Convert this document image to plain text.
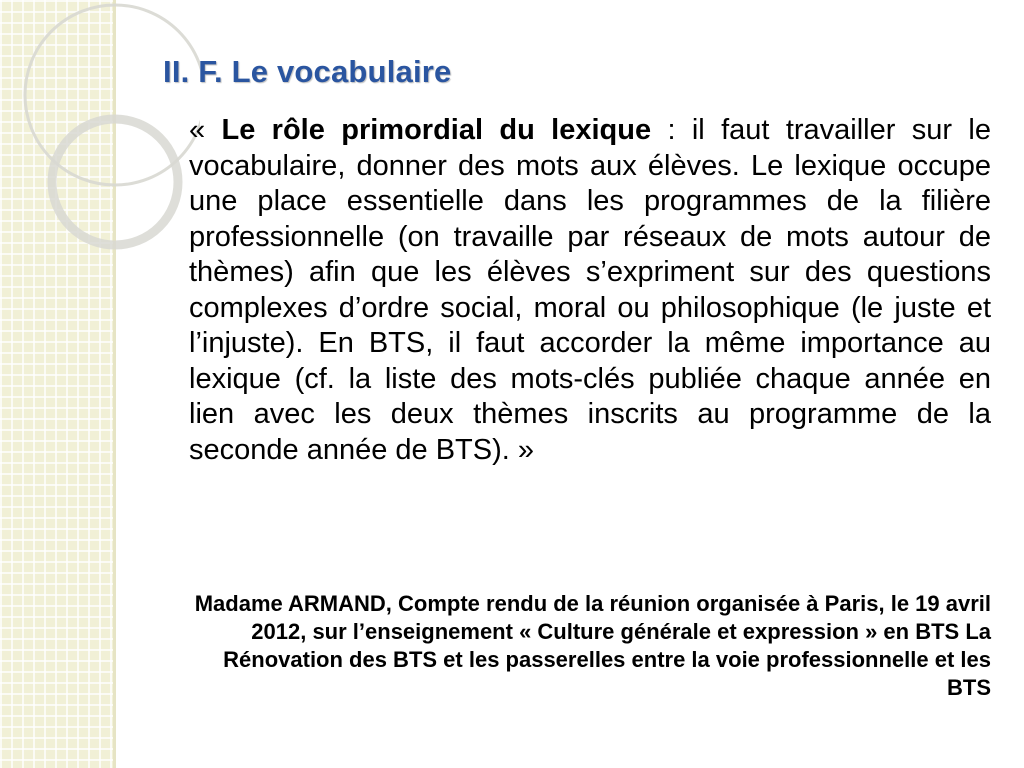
II. F. Le vocabulaire

« Le rôle primordial du lexique : il faut travailler sur le vocabulaire, donner des mots aux élèves. Le lexique occupe une place essentielle dans les programmes de la filière professionnelle (on travaille par réseaux de mots autour de thèmes) afin que les élèves s’expriment sur des questions complexes d’ordre social, moral ou philosophique (le juste et l’injuste). En BTS, il faut accorder la même importance au lexique (cf. la liste des mots-clés publiée chaque année en lien avec les deux thèmes inscrits au programme de la seconde année de BTS). »

Madame ARMAND, Compte rendu de la réunion organisée à Paris, le 19 avril 2012, sur l’enseignement « Culture générale et expression » en BTS La Rénovation des BTS et les passerelles entre la voie professionnelle et les BTS
